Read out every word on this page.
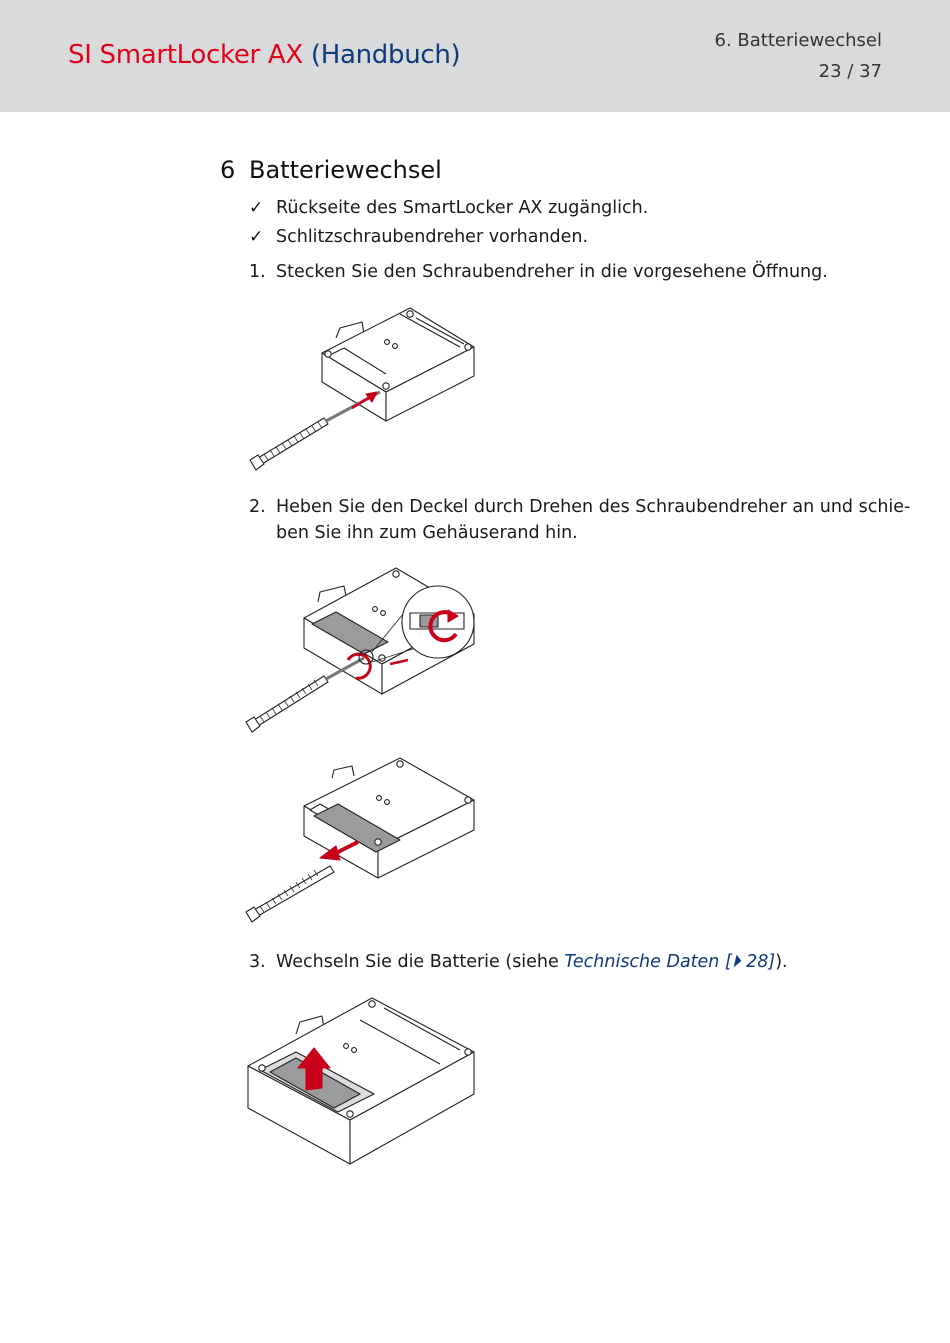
SI SmartLocker AX (Handbuch)	6. Batteriewechsel
23 / 37
6 Batteriewechsel
✓ Rückseite des SmartLocker AX zugänglich.
✓ Schlitzschraubendreher vorhanden.
1. Stecken Sie den Schraubendreher in die vorgesehene Öffnung.
2. Heben Sie den Deckel durch Drehen des Schraubendreher an und schie-
ben Sie ihn zum Gehäuserand hin.
3. Wechseln Sie die Batterie (siehe Technische Daten [⏵ 28]).
